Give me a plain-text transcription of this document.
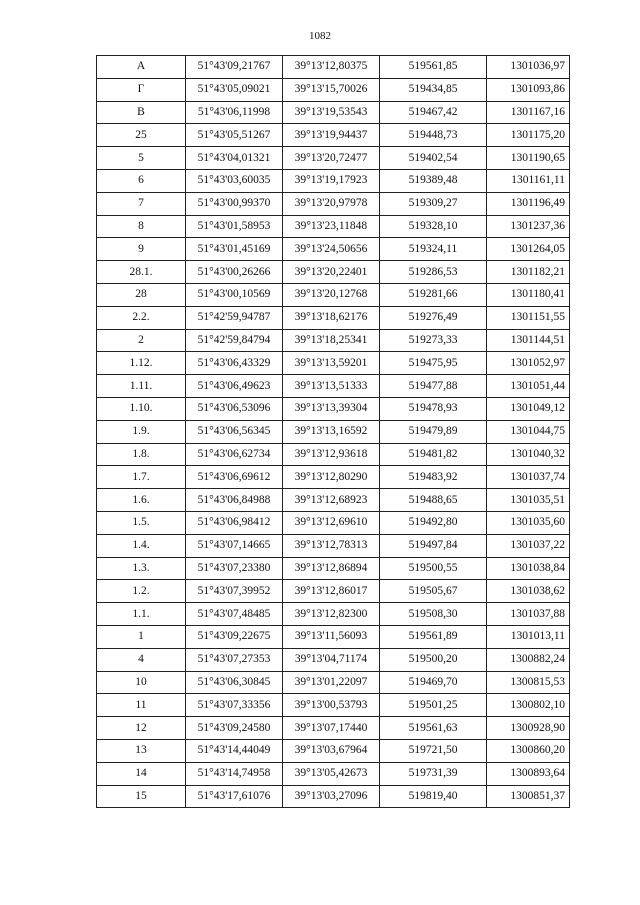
1082
А	51°43'09,21767	39°13'12,80375	519561,85	1301036,97
Г	51°43'05,09021	39°13'15,70026	519434,85	1301093,86
В	51°43'06,11998	39°13'19,53543	519467,42	1301167,16
25	51°43'05,51267	39°13'19,94437	519448,73	1301175,20
5	51°43'04,01321	39°13'20,72477	519402,54	1301190,65
6	51°43'03,60035	39°13'19,17923	519389,48	1301161,11
7	51°43'00,99370	39°13'20,97978	519309,27	1301196,49
8	51°43'01,58953	39°13'23,11848	519328,10	1301237,36
9	51°43'01,45169	39°13'24,50656	519324,11	1301264,05
28.1.	51°43'00,26266	39°13'20,22401	519286,53	1301182,21
28	51°43'00,10569	39°13'20,12768	519281,66	1301180,41
2.2.	51°42'59,94787	39°13'18,62176	519276,49	1301151,55
2	51°42'59,84794	39°13'18,25341	519273,33	1301144,51
1.12.	51°43'06,43329	39°13'13,59201	519475,95	1301052,97
1.11.	51°43'06,49623	39°13'13,51333	519477,88	1301051,44
1.10.	51°43'06,53096	39°13'13,39304	519478,93	1301049,12
1.9.	51°43'06,56345	39°13'13,16592	519479,89	1301044,75
1.8.	51°43'06,62734	39°13'12,93618	519481,82	1301040,32
1.7.	51°43'06,69612	39°13'12,80290	519483,92	1301037,74
1.6.	51°43'06,84988	39°13'12,68923	519488,65	1301035,51
1.5.	51°43'06,98412	39°13'12,69610	519492,80	1301035,60
1.4.	51°43'07,14665	39°13'12,78313	519497,84	1301037,22
1.3.	51°43'07,23380	39°13'12,86894	519500,55	1301038,84
1.2.	51°43'07,39952	39°13'12,86017	519505,67	1301038,62
1.1.	51°43'07,48485	39°13'12,82300	519508,30	1301037,88
1	51°43'09,22675	39°13'11,56093	519561,89	1301013,11
4	51°43'07,27353	39°13'04,71174	519500,20	1300882,24
10	51°43'06,30845	39°13'01,22097	519469,70	1300815,53
11	51°43'07,33356	39°13'00,53793	519501,25	1300802,10
12	51°43'09,24580	39°13'07,17440	519561,63	1300928,90
13	51°43'14,44049	39°13'03,67964	519721,50	1300860,20
14	51°43'14,74958	39°13'05,42673	519731,39	1300893,64
15	51°43'17,61076	39°13'03,27096	519819,40	1300851,37
